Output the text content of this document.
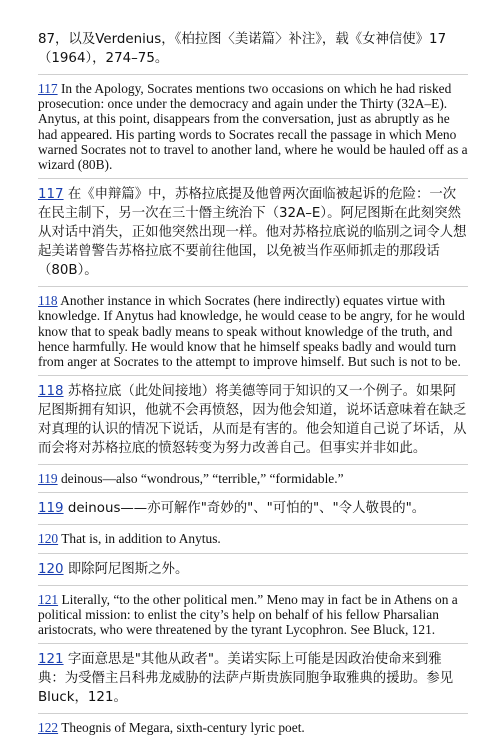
87，以及Verdenius，《柏拉图〈美诺篇〉补注》，载《女神信使》17（1964），274–75。

117 In the Apology, Socrates mentions two occasions on which he had risked prosecution: once under the democracy and again under the Thirty (32A–E). Anytus, at this point, disappears from the conversation, just as abruptly as he had appeared. His parting words to Socrates recall the passage in which Meno warned Socrates not to travel to another land, where he would be hauled off as a wizard (80B).

117 在《申辩篇》中，苏格拉底提及他曾两次面临被起诉的危险：一次在民主制下，另一次在三十僭主统治下（32A–E）。阿尼图斯在此刻突然从对话中消失，正如他突然出现一样。他对苏格拉底说的临别之词令人想起美诺曾警告苏格拉底不要前往他国，以免被当作巫师抓走的那段话（80B）。

118 Another instance in which Socrates (here indirectly) equates virtue with knowledge. If Anytus had knowledge, he would cease to be angry, for he would know that to speak badly means to speak without knowledge of the truth, and hence harmfully. He would know that he himself speaks badly and would turn from anger at Socrates to the attempt to improve himself. But such is not to be.

118 苏格拉底（此处间接地）将美德等同于知识的又一个例子。如果阿尼图斯拥有知识，他就不会再愤怒，因为他会知道，说坏话意味着在缺乏对真理的认识的情况下说话，从而是有害的。他会知道自己说了坏话，从而会将对苏格拉底的愤怒转变为努力改善自己。但事实并非如此。

119 deinous—also “wondrous,” “terrible,” “formidable.”

119 deinous——亦可解作"奇妙的"、"可怕的"、"令人敬畏的"。

120 That is, in addition to Anytus.

120 即除阿尼图斯之外。

121 Literally, “to the other political men.” Meno may in fact be in Athens on a political mission: to enlist the city’s help on behalf of his fellow Pharsalian aristocrats, who were threatened by the tyrant Lycophron. See Bluck, 121.

121 字面意思是"其他从政者"。美诺实际上可能是因政治使命来到雅典：为受僭主吕科弗龙威胁的法萨卢斯贵族同胞争取雅典的援助。参见Bluck，121。

122 Theognis of Megara, sixth-century lyric poet.
